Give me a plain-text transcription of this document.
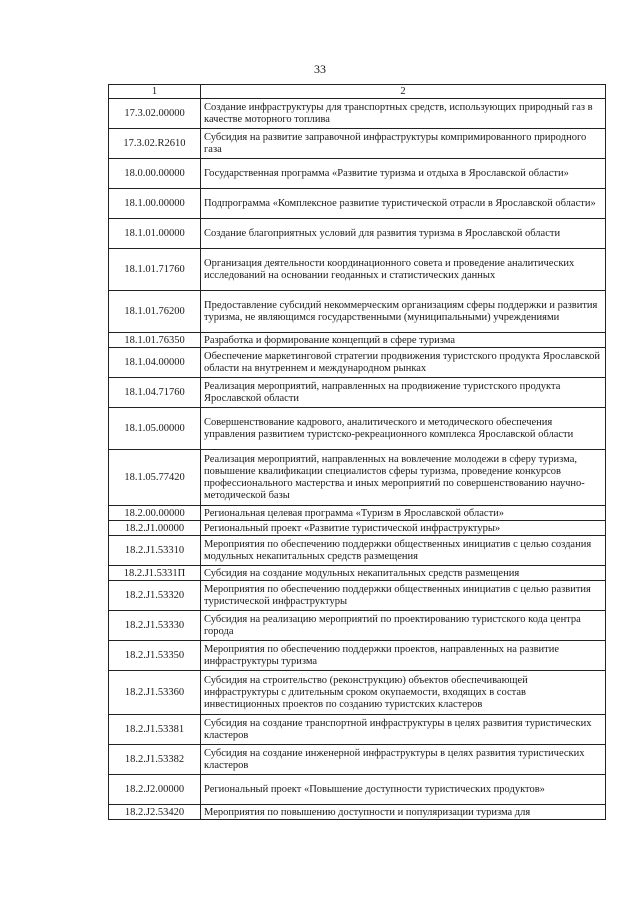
33
1	2
17.3.02.00000	Создание инфраструктуры для транспортных средств, использующих природный газ в качестве моторного топлива
17.3.02.R2610	Субсидия на развитие заправочной инфраструктуры компримированного природного газа
18.0.00.00000	Государственная программа «Развитие туризма и отдыха в Ярославской области»
18.1.00.00000	Подпрограмма «Комплексное развитие туристической отрасли в Ярославской области»
18.1.01.00000	Создание благоприятных условий для развития туризма в Ярославской области
18.1.01.71760	Организация деятельности координационного совета и проведение аналитических исследований на основании геоданных и статистических данных
18.1.01.76200	Предоставление субсидий некоммерческим организациям сферы поддержки и развития туризма, не являющимся государственными (муниципальными) учреждениями
18.1.01.76350	Разработка и формирование концепций в сфере туризма
18.1.04.00000	Обеспечение маркетинговой стратегии продвижения туристского продукта Ярославской области на внутреннем и международном рынках
18.1.04.71760	Реализация мероприятий, направленных на продвижение туристского продукта Ярославской области
18.1.05.00000	Совершенствование кадрового, аналитического и методического обеспечения управления развитием туристско-рекреационного комплекса Ярославской области
18.1.05.77420	Реализация мероприятий, направленных на вовлечение молодежи в сферу туризма, повышение квалификации специалистов сферы туризма, проведение конкурсов профессионального мастерства и иных мероприятий по совершенствованию научно-методической базы
18.2.00.00000	Региональная целевая программа «Туризм в Ярославской области»
18.2.J1.00000	Региональный проект «Развитие туристической инфраструктуры»
18.2.J1.53310	Мероприятия по обеспечению поддержки общественных инициатив с целью создания модульных некапитальных средств размещения
18.2.J1.5331П	Субсидия на создание модульных некапитальных средств размещения
18.2.J1.53320	Мероприятия по обеспечению поддержки общественных инициатив с целью развития туристической инфраструктуры
18.2.J1.53330	Субсидия на реализацию мероприятий по проектированию туристского кода центра города
18.2.J1.53350	Мероприятия по обеспечению поддержки проектов, направленных на развитие инфраструктуры туризма
18.2.J1.53360	Субсидия на строительство (реконструкцию) объектов обеспечивающей инфраструктуры с длительным сроком окупаемости, входящих в состав инвестиционных проектов по созданию туристских кластеров
18.2.J1.53381	Субсидия на создание транспортной инфраструктуры в целях развития туристических кластеров
18.2.J1.53382	Субсидия на создание инженерной инфраструктуры в целях развития туристических кластеров
18.2.J2.00000	Региональный проект «Повышение доступности туристических продуктов»
18.2.J2.53420	Мероприятия по повышению доступности и популяризации туризма для
